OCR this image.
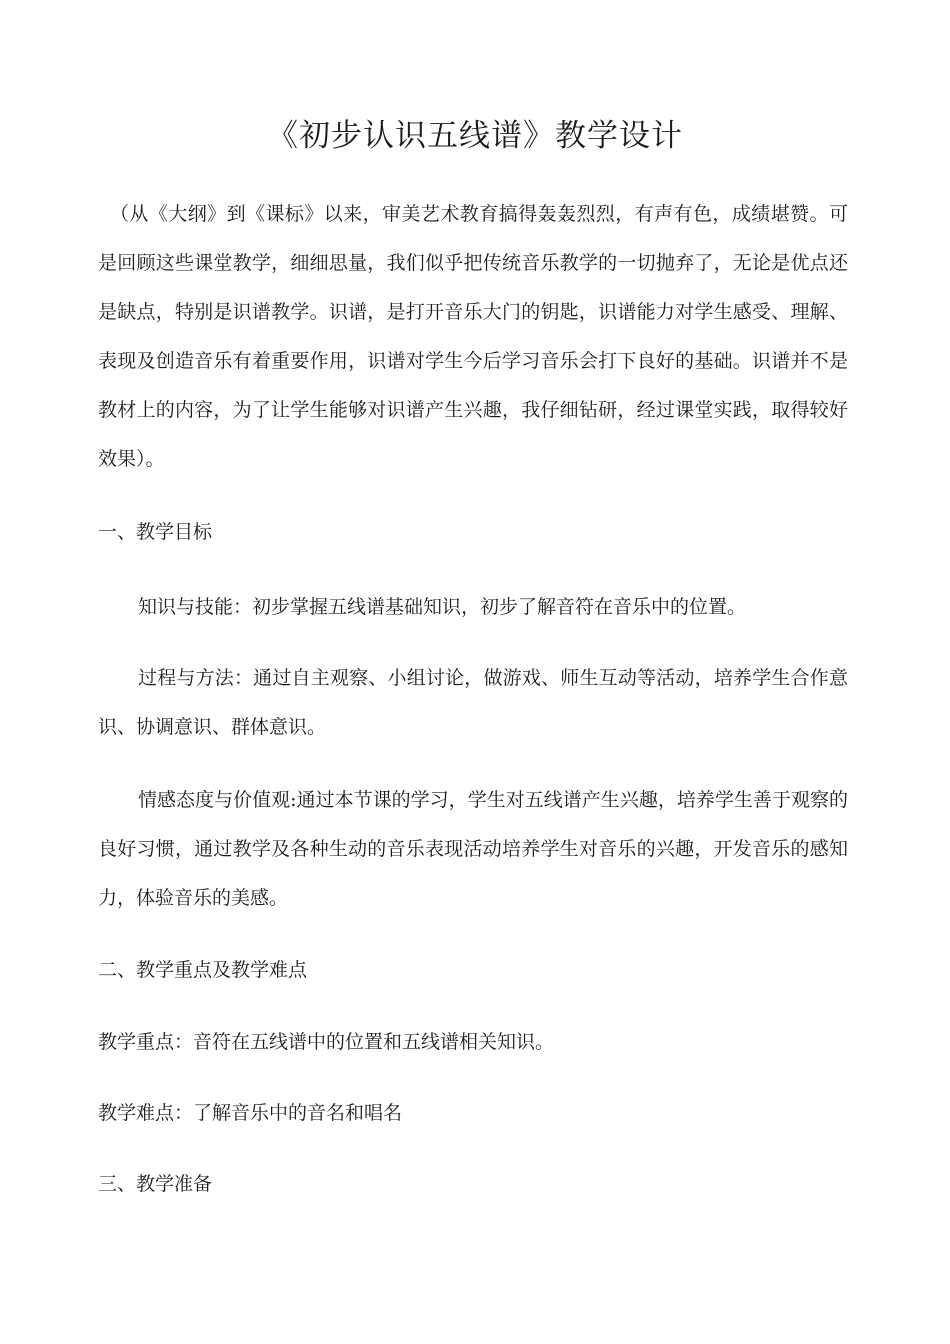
《初步认识五线谱》教学设计

（从《大纲》到《课标》以来，审美艺术教育搞得轰轰烈烈，有声有色，成绩堪赞。可是回顾这些课堂教学，细细思量，我们似乎把传统音乐教学的一切抛弃了，无论是优点还是缺点，特别是识谱教学。识谱，是打开音乐大门的钥匙，识谱能力对学生感受、理解、表现及创造音乐有着重要作用，识谱对学生今后学习音乐会打下良好的基础。识谱并不是教材上的内容，为了让学生能够对识谱产生兴趣，我仔细钻研，经过课堂实践，取得较好效果）。

一、教学目标

知识与技能：初步掌握五线谱基础知识，初步了解音符在音乐中的位置。

过程与方法：通过自主观察、小组讨论，做游戏、师生互动等活动，培养学生合作意识、协调意识、群体意识。

情感态度与价值观:通过本节课的学习，学生对五线谱产生兴趣，培养学生善于观察的良好习惯，通过教学及各种生动的音乐表现活动培养学生对音乐的兴趣，开发音乐的感知力，体验音乐的美感。

二、教学重点及教学难点

教学重点：音符在五线谱中的位置和五线谱相关知识。

教学难点：了解音乐中的音名和唱名

三、教学准备
